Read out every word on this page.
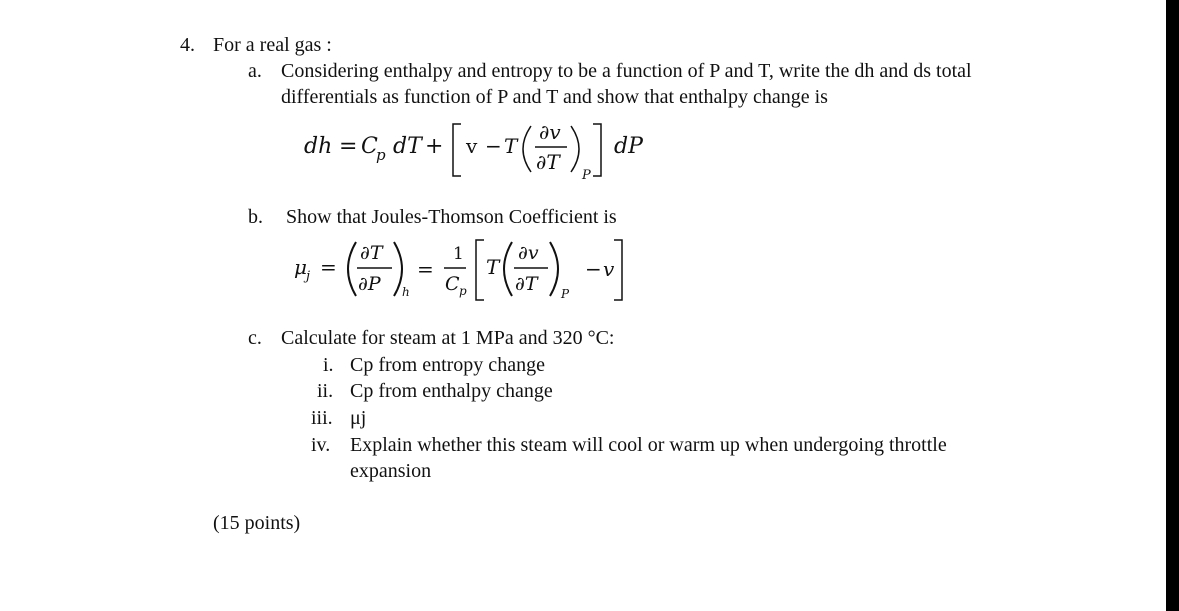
4. For a real gas :
a. Considering enthalpy and entropy to be a function of P and T, write the dh and ds total
differentials as function of P and T and show that enthalpy change is
dh = C
p dT + v − T
∂v
∂T
P
dP
b. Show that Joules-Thomson Coefficient is
μ j =
∂T
∂P h
=
1
C p
T
∂v
∂T P
− v
c. Calculate for steam at 1 MPa and 320 °C:
i. Cp from entropy change
ii. Cp from enthalpy change
iii. μj
iv. Explain whether this steam will cool or warm up when undergoing throttle
expansion
(15 points)
